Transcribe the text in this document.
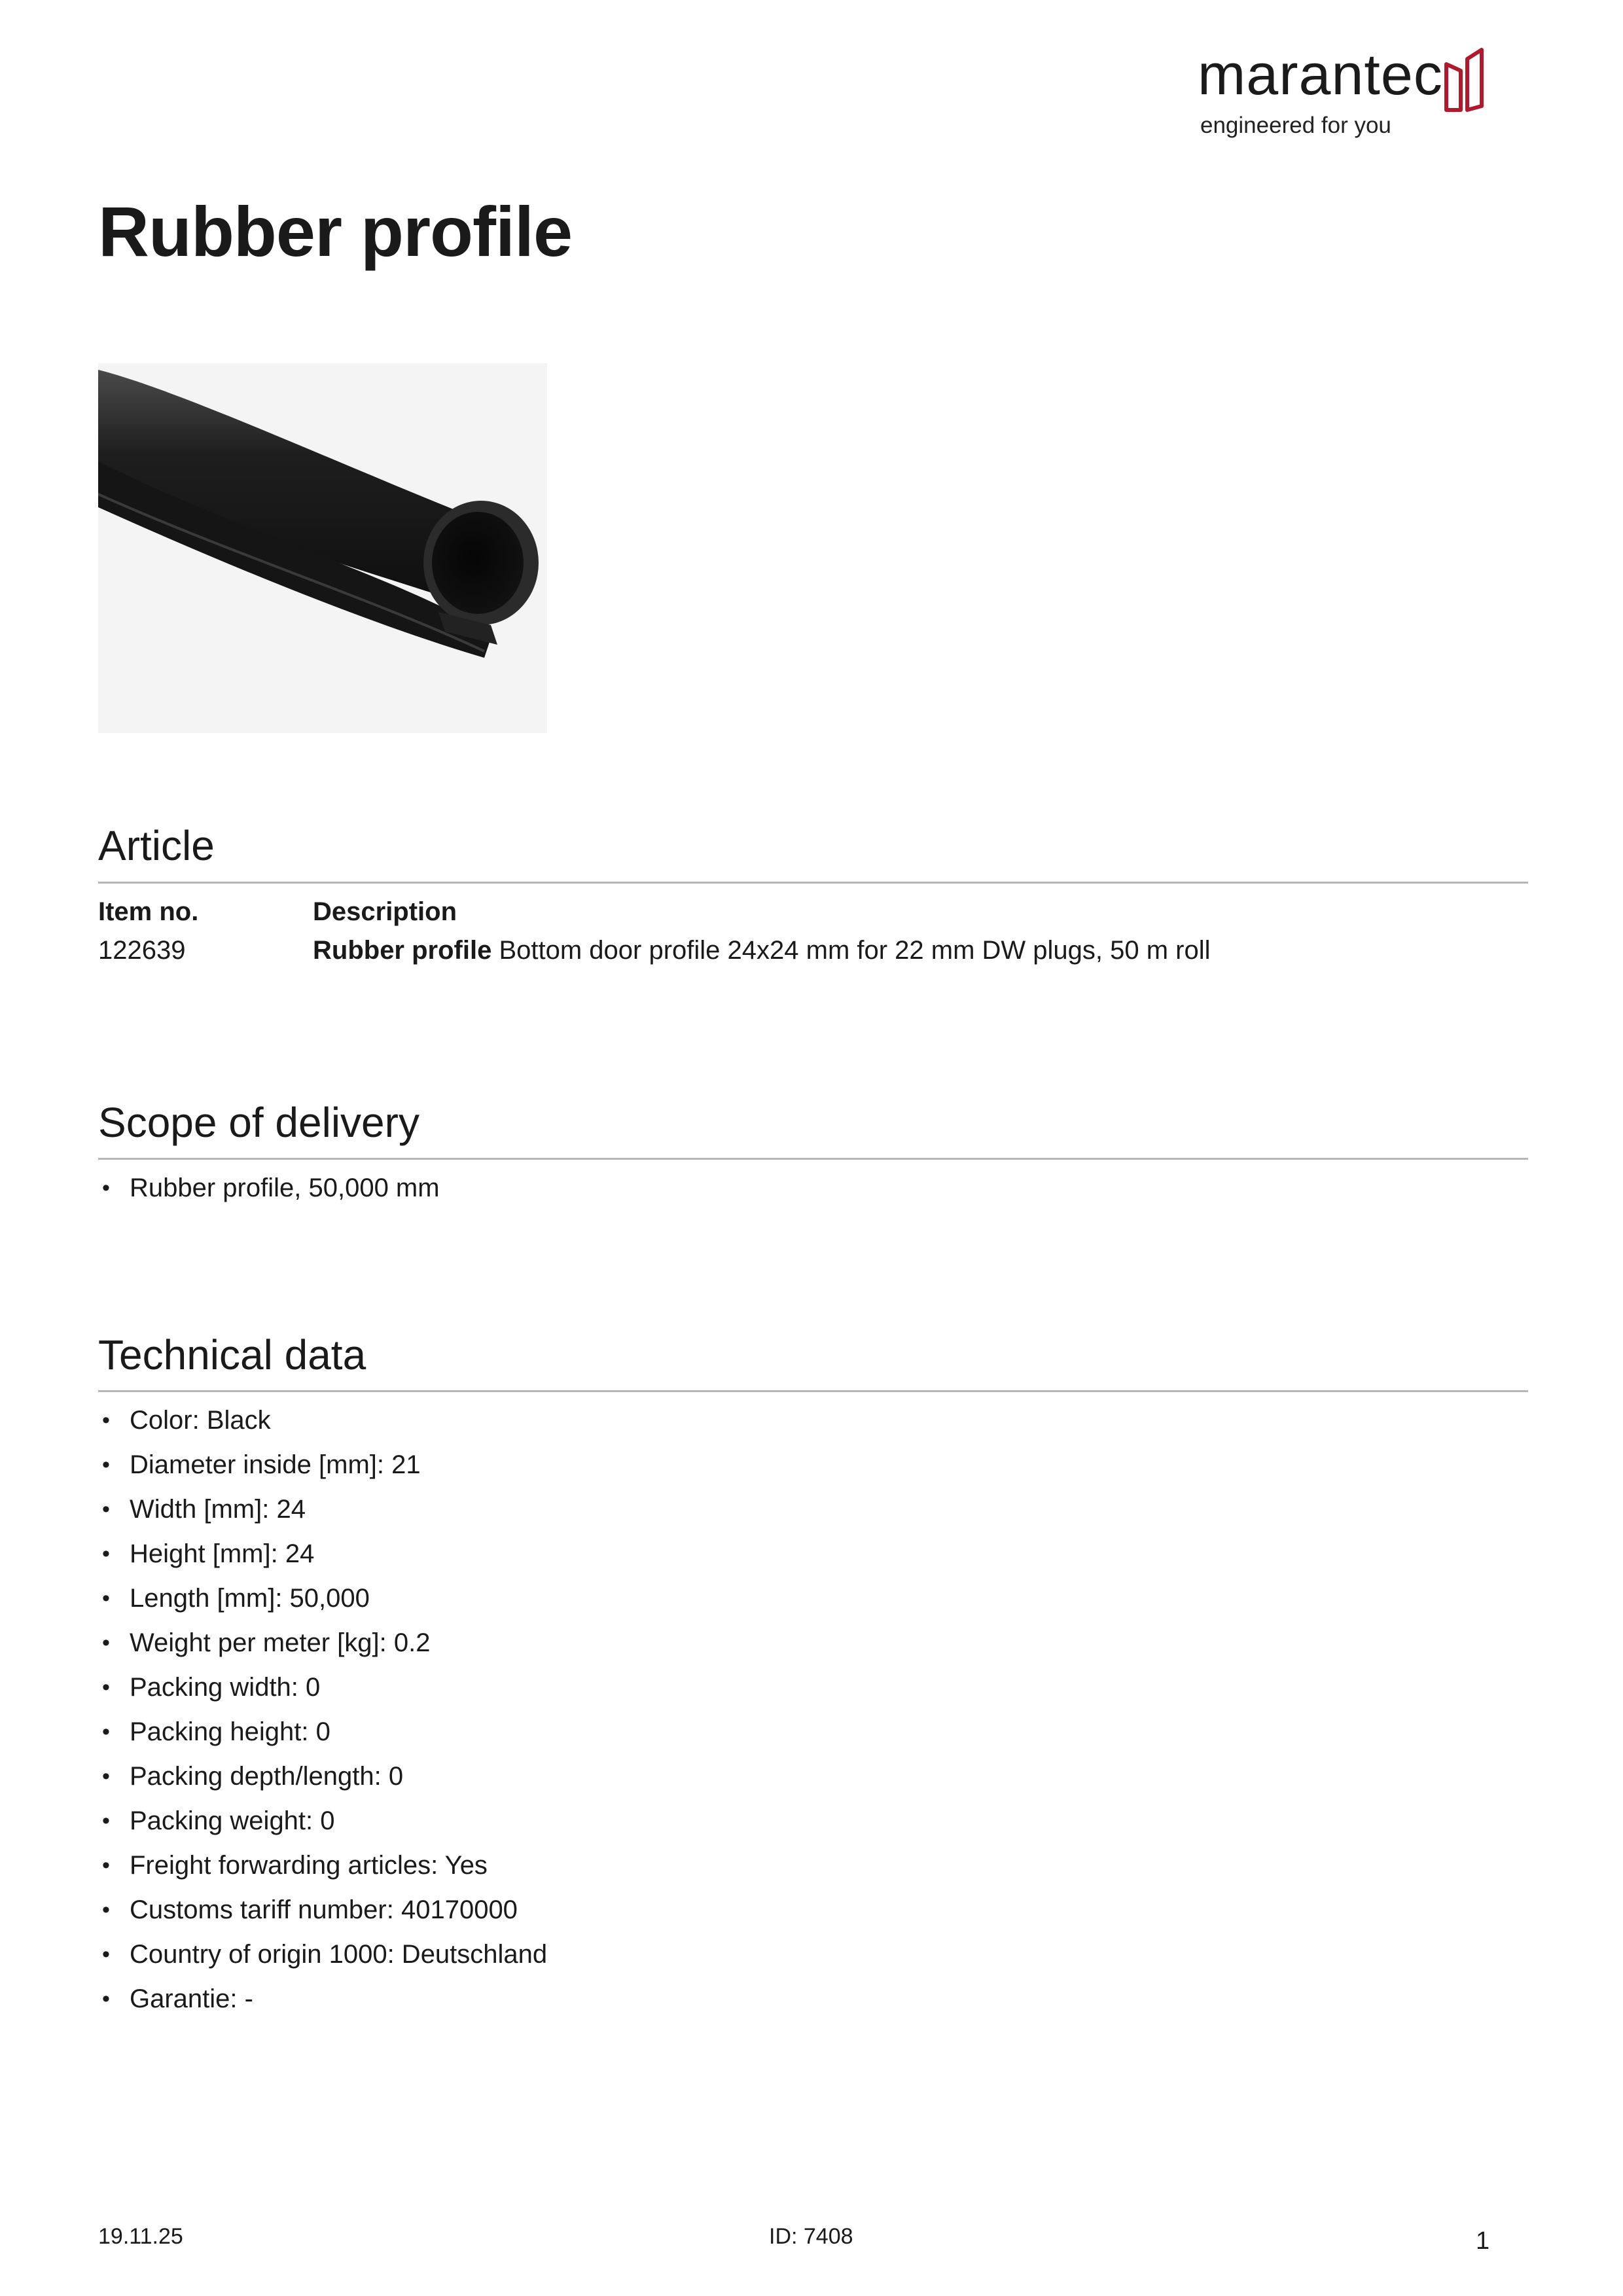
marantec
engineered for you
Rubber profile
Article
Item no.	Description
122639	Rubber profile Bottom door profile 24x24 mm for 22 mm DW plugs, 50 m roll
Scope of delivery
• Rubber profile, 50,000 mm
Technical data
• Color: Black
• Diameter inside [mm]: 21
• Width [mm]: 24
• Height [mm]: 24
• Length [mm]: 50,000
• Weight per meter [kg]: 0.2
• Packing width: 0
• Packing height: 0
• Packing depth/length: 0
• Packing weight: 0
• Freight forwarding articles: Yes
• Customs tariff number: 40170000
• Country of origin 1000: Deutschland
• Garantie: -
19.11.25	ID: 7408	1
